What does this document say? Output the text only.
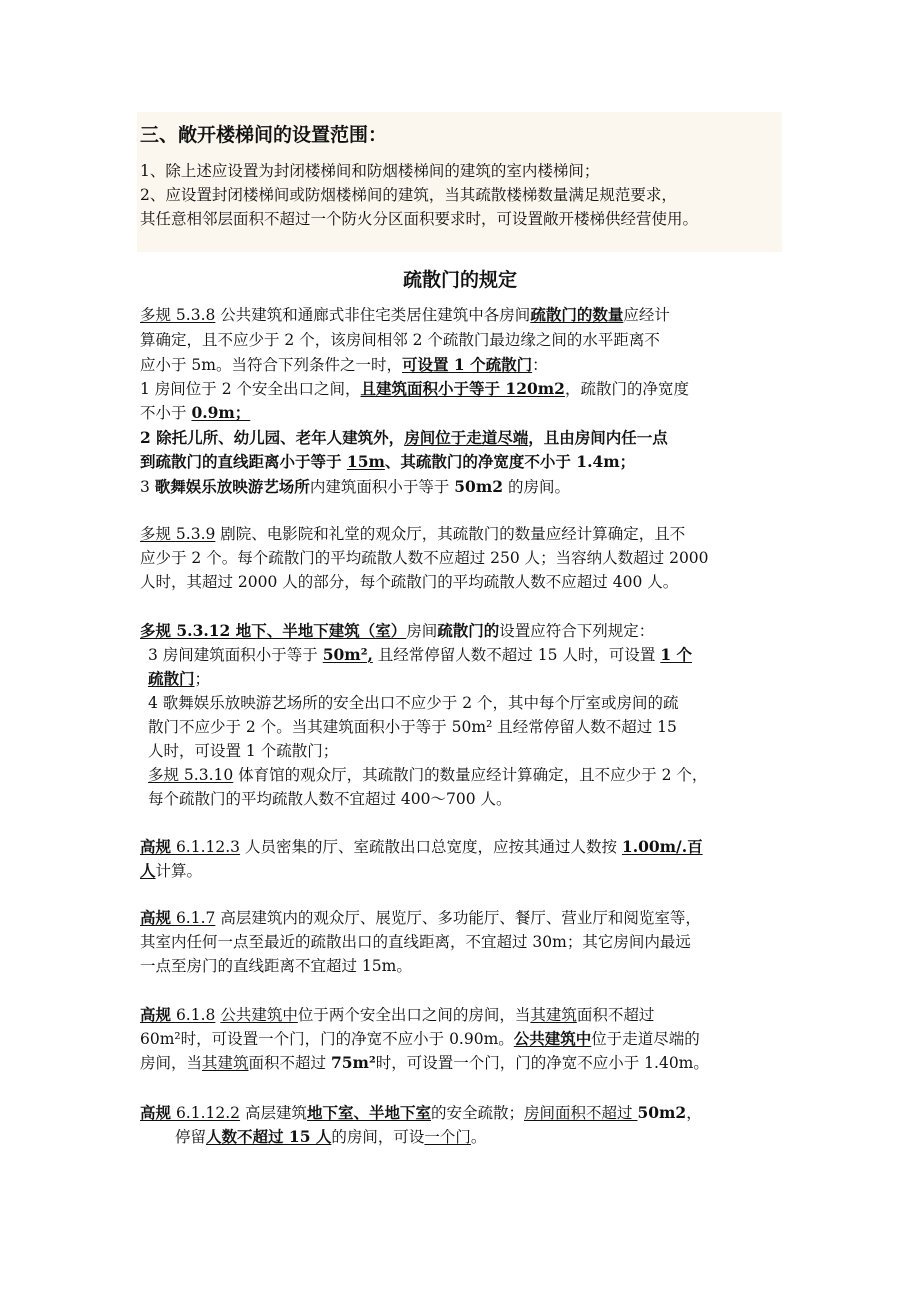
三、敞开楼梯间的设置范围：
1、除上述应设置为封闭楼梯间和防烟楼梯间的建筑的室内楼梯间；
2、应设置封闭楼梯间或防烟楼梯间的建筑，当其疏散楼梯数量满足规范要求，
其任意相邻层面积不超过一个防火分区面积要求时，可设置敞开楼梯供经营使用。
疏散门的规定
多规 5.3.8 公共建筑和通廊式非住宅类居住建筑中各房间疏散门的数量应经计
算确定，且不应少于 2 个，该房间相邻 2 个疏散门最边缘之间的水平距离不
应小于 5m。当符合下列条件之一时，可设置 1 个疏散门：
1 房间位于 2 个安全出口之间，且建筑面积小于等于 120m2，疏散门的净宽度
不小于 0.9m；
2 除托儿所、幼儿园、老年人建筑外，房间位于走道尽端，且由房间内任一点
到疏散门的直线距离小于等于 15m、其疏散门的净宽度不小于 1.4m；
3 歌舞娱乐放映游艺场所内建筑面积小于等于 50m2 的房间。
多规 5.3.9 剧院、电影院和礼堂的观众厅，其疏散门的数量应经计算确定，且不
应少于 2 个。每个疏散门的平均疏散人数不应超过 250 人；当容纳人数超过 2000
人时，其超过 2000 人的部分，每个疏散门的平均疏散人数不应超过 400 人。
多规 5.3.12 地下、半地下建筑（室）房间疏散门的设置应符合下列规定：
3 房间建筑面积小于等于 50m², 且经常停留人数不超过 15 人时，可设置 1 个
疏散门；
4 歌舞娱乐放映游艺场所的安全出口不应少于 2 个，其中每个厅室或房间的疏
散门不应少于 2 个。当其建筑面积小于等于 50m² 且经常停留人数不超过 15
人时，可设置 1 个疏散门；
多规 5.3.10 体育馆的观众厅，其疏散门的数量应经计算确定，且不应少于 2 个，
每个疏散门的平均疏散人数不宜超过 400～700 人。
高规 6.1.12.3 人员密集的厅、室疏散出口总宽度，应按其通过人数按 1.00m/.百
人计算。
高规 6.1.7 高层建筑内的观众厅、展览厅、多功能厅、餐厅、营业厅和阅览室等，
其室内任何一点至最近的疏散出口的直线距离，不宜超过 30m；其它房间内最远
一点至房门的直线距离不宜超过 15m。
高规 6.1.8 公共建筑中位于两个安全出口之间的房间，当其建筑面积不超过
60m²时，可设置一个门，门的净宽不应小于 0.90m。公共建筑中位于走道尽端的
房间，当其建筑面积不超过 75m²时，可设置一个门，门的净宽不应小于 1.40m。
高规 6.1.12.2 高层建筑地下室、半地下室的安全疏散；房间面积不超过 50m2，
停留人数不超过 15 人的房间，可设一个门。
